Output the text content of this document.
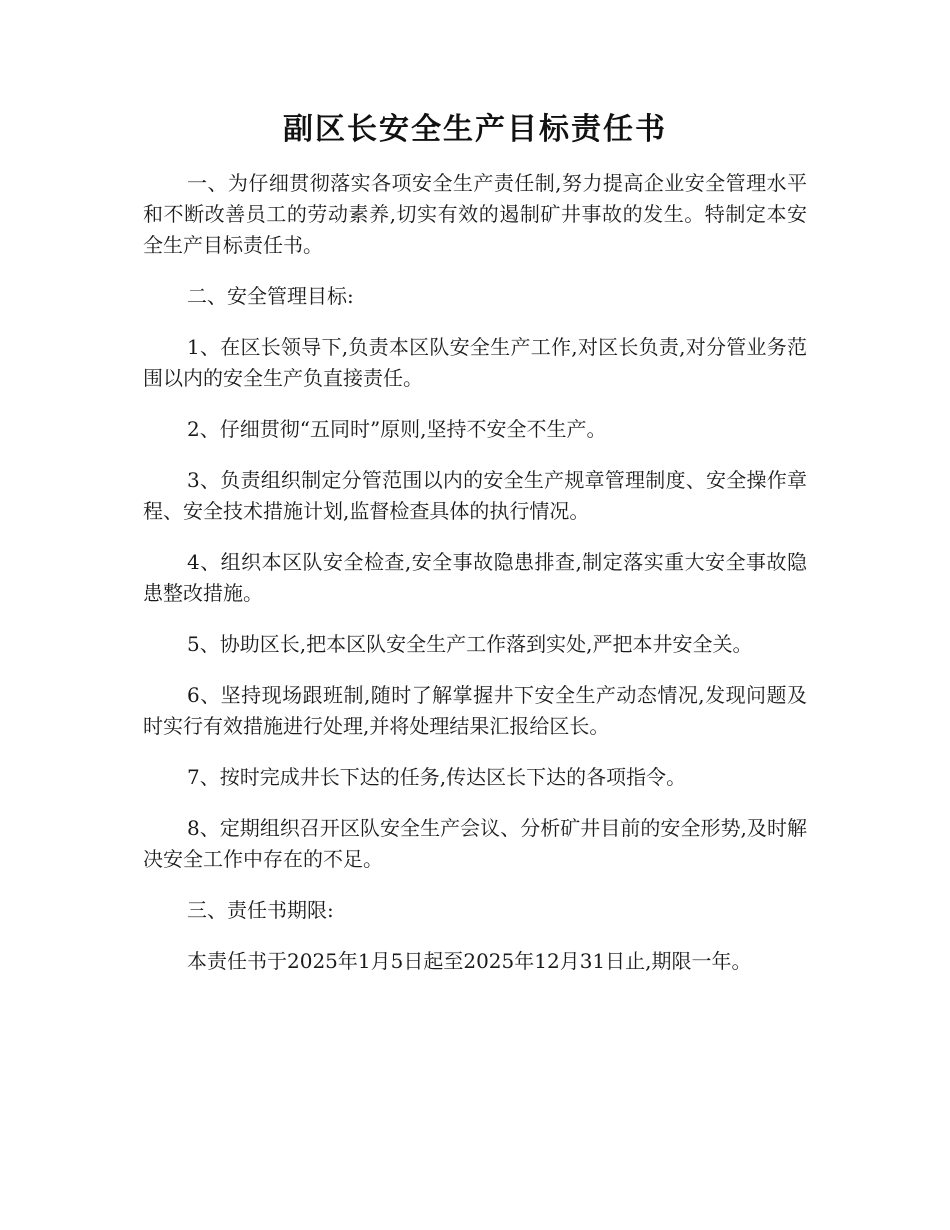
副区长安全生产目标责任书

一、为仔细贯彻落实各项安全生产责任制,努力提高企业安全管理水平和不断改善员工的劳动素养,切实有效的遏制矿井事故的发生。特制定本安全生产目标责任书。

二、安全管理目标:

1、在区长领导下,负责本区队安全生产工作,对区长负责,对分管业务范围以内的安全生产负直接责任。

2、仔细贯彻“五同时”原则,坚持不安全不生产。

3、负责组织制定分管范围以内的安全生产规章管理制度、安全操作章程、安全技术措施计划,监督检查具体的执行情况。

4、组织本区队安全检查,安全事故隐患排查,制定落实重大安全事故隐患整改措施。

5、协助区长,把本区队安全生产工作落到实处,严把本井安全关。

6、坚持现场跟班制,随时了解掌握井下安全生产动态情况,发现问题及时实行有效措施进行处理,并将处理结果汇报给区长。

7、按时完成井长下达的任务,传达区长下达的各项指令。

8、定期组织召开区队安全生产会议、分析矿井目前的安全形势,及时解决安全工作中存在的不足。

三、责任书期限:

本责任书于2025年1月5日起至2025年12月31日止,期限一年。
